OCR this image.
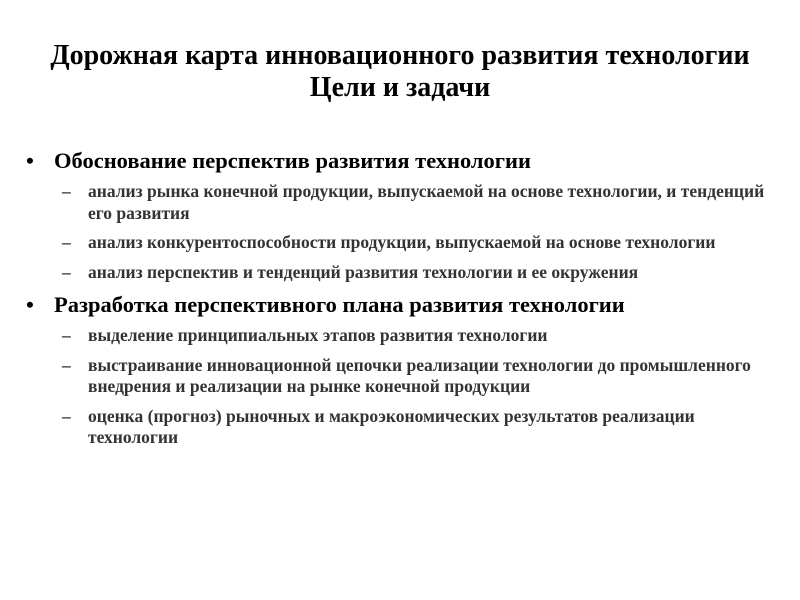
Дорожная карта инновационного развития технологии
Цели и задачи
• Обоснование перспектив развития технологии
– анализ рынка конечной продукции, выпускаемой на основе технологии, и тенденций его развития
– анализ конкурентоспособности продукции, выпускаемой на основе технологии
– анализ перспектив и тенденций развития технологии и ее окружения
• Разработка перспективного плана развития технологии
– выделение принципиальных этапов развития технологии
– выстраивание инновационной цепочки реализации технологии до промышленного внедрения и реализации на рынке конечной продукции
– оценка (прогноз) рыночных и макроэкономических результатов реализации технологии
